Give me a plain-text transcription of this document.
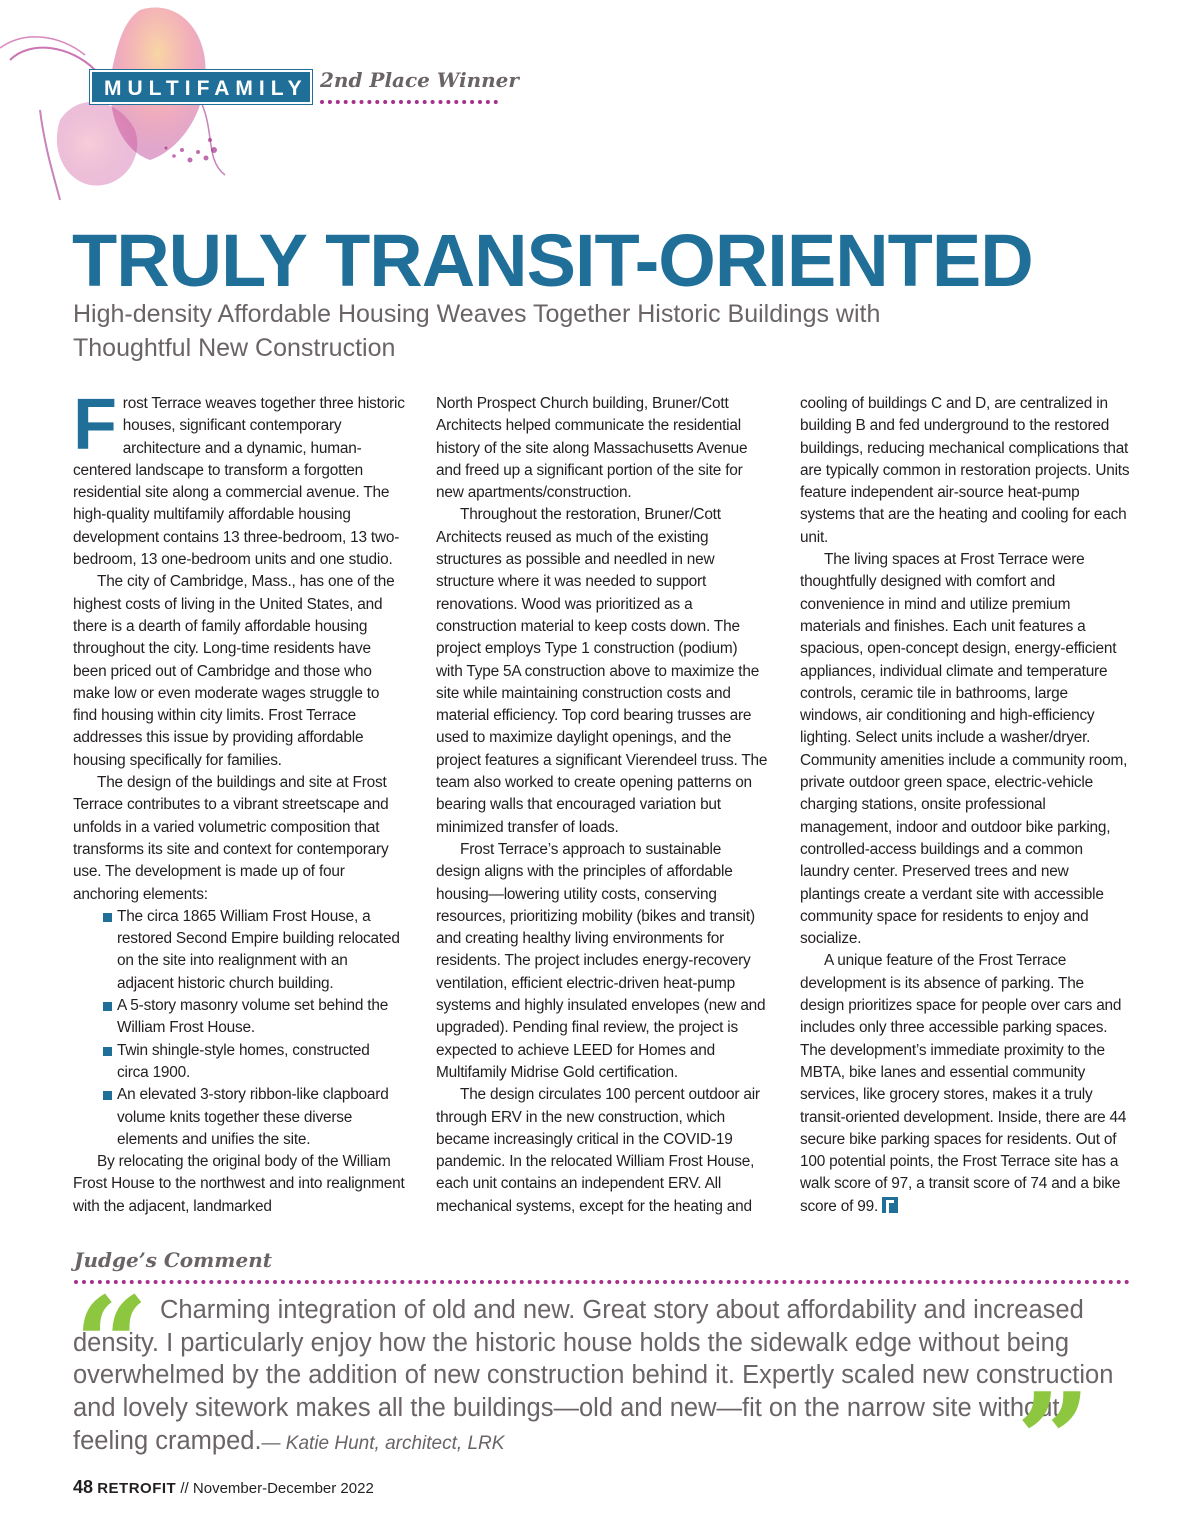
MULTIFAMILY 2nd Place Winner
TRULY TRANSIT-ORIENTED
High-density Affordable Housing Weaves Together Historic Buildings with Thoughtful New Construction

Frost Terrace weaves together three historic houses, significant contemporary architecture and a dynamic, human-centered landscape to transform a forgotten residential site along a commercial avenue. The high-quality multifamily affordable housing development contains 13 three-bedroom, 13 two-bedroom, 13 one-bedroom units and one studio.

The city of Cambridge, Mass., has one of the highest costs of living in the United States, and there is a dearth of family affordable housing throughout the city. Long-time residents have been priced out of Cambridge and those who make low or even moderate wages struggle to find housing within city limits. Frost Terrace addresses this issue by providing affordable housing specifically for families.

The design of the buildings and site at Frost Terrace contributes to a vibrant streetscape and unfolds in a varied volumetric composition that transforms its site and context for contemporary use. The development is made up of four anchoring elements:

The circa 1865 William Frost House, a restored Second Empire building relocated on the site into realignment with an adjacent historic church building.
A 5-story masonry volume set behind the William Frost House.
Twin shingle-style homes, constructed circa 1900.
An elevated 3-story ribbon-like clapboard volume knits together these diverse elements and unifies the site.

By relocating the original body of the William Frost House to the northwest and into realignment with the adjacent, landmarked

North Prospect Church building, Bruner/Cott Architects helped communicate the residential history of the site along Massachusetts Avenue and freed up a significant portion of the site for new apartments/construction.

Throughout the restoration, Bruner/Cott Architects reused as much of the existing structures as possible and needled in new structure where it was needed to support renovations. Wood was prioritized as a construction material to keep costs down. The project employs Type 1 construction (podium) with Type 5A construction above to maximize the site while maintaining construction costs and material efficiency. Top cord bearing trusses are used to maximize daylight openings, and the project features a significant Vierendeel truss. The team also worked to create opening patterns on bearing walls that encouraged variation but minimized transfer of loads.

Frost Terrace’s approach to sustainable design aligns with the principles of affordable housing—lowering utility costs, conserving resources, prioritizing mobility (bikes and transit) and creating healthy living environments for residents. The project includes energy-recovery ventilation, efficient electric-driven heat-pump systems and highly insulated envelopes (new and upgraded). Pending final review, the project is expected to achieve LEED for Homes and Multifamily Midrise Gold certification.

The design circulates 100 percent outdoor air through ERV in the new construction, which became increasingly critical in the COVID-19 pandemic. In the relocated William Frost House, each unit contains an independent ERV. All mechanical systems, except for the heating and

cooling of buildings C and D, are centralized in building B and fed underground to the restored buildings, reducing mechanical complications that are typically common in restoration projects. Units feature independent air-source heat-pump systems that are the heating and cooling for each unit.

The living spaces at Frost Terrace were thoughtfully designed with comfort and convenience in mind and utilize premium materials and finishes. Each unit features a spacious, open-concept design, energy-efficient appliances, individual climate and temperature controls, ceramic tile in bathrooms, large windows, air conditioning and high-efficiency lighting. Select units include a washer/dryer. Community amenities include a community room, private outdoor green space, electric-vehicle charging stations, onsite professional management, indoor and outdoor bike parking, controlled-access buildings and a common laundry center. Preserved trees and new plantings create a verdant site with accessible community space for residents to enjoy and socialize.

A unique feature of the Frost Terrace development is its absence of parking. The design prioritizes space for people over cars and includes only three accessible parking spaces. The development’s immediate proximity to the MBTA, bike lanes and essential community services, like grocery stores, makes it a truly transit-oriented development. Inside, there are 44 secure bike parking spaces for residents. Out of 100 potential points, the Frost Terrace site has a walk score of 97, a transit score of 74 and a bike score of 99.

Judge’s Comment
“ Charming integration of old and new. Great story about affordability and increased density. I particularly enjoy how the historic house holds the sidewalk edge without being overwhelmed by the addition of new construction behind it. Expertly scaled new construction and lovely sitework makes all the buildings—old and new—fit on the narrow site without feeling cramped.— Katie Hunt, architect, LRK	”
48 RETROFIT // November-December 2022
